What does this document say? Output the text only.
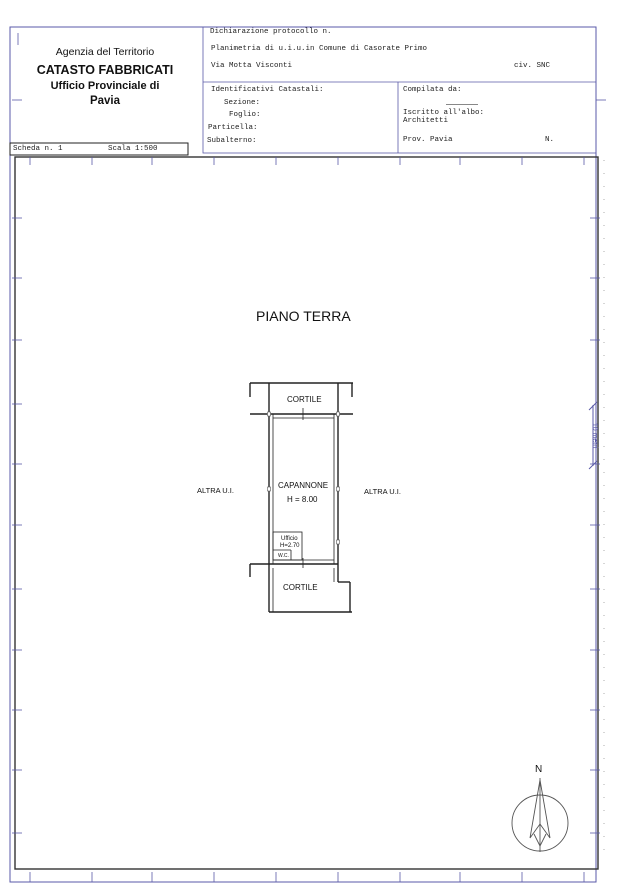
Agenzia del Territorio
CATASTO FABBRICATI
Ufficio Provinciale di
Pavia
Dichiarazione protocollo n.
Planimetria di u.i.u.in Comune di Casorate Primo
Via Motta Visconti	civ. SNC
Identificativi Catastali:
Sezione:
Foglio:
Particella:
Subalterno:
Compilata da:
Iscritto all'albo:
Architetti
Prov. Pavia	N.
Scheda n. 1	Scala 1:500
PIANO TERRA
CORTILE
CAPANNONE
H = 8.00
Ufficio
H=2.70
W.C.
CORTILE
ALTRA U.I.	ALTRA U.I.
10 metri
N
